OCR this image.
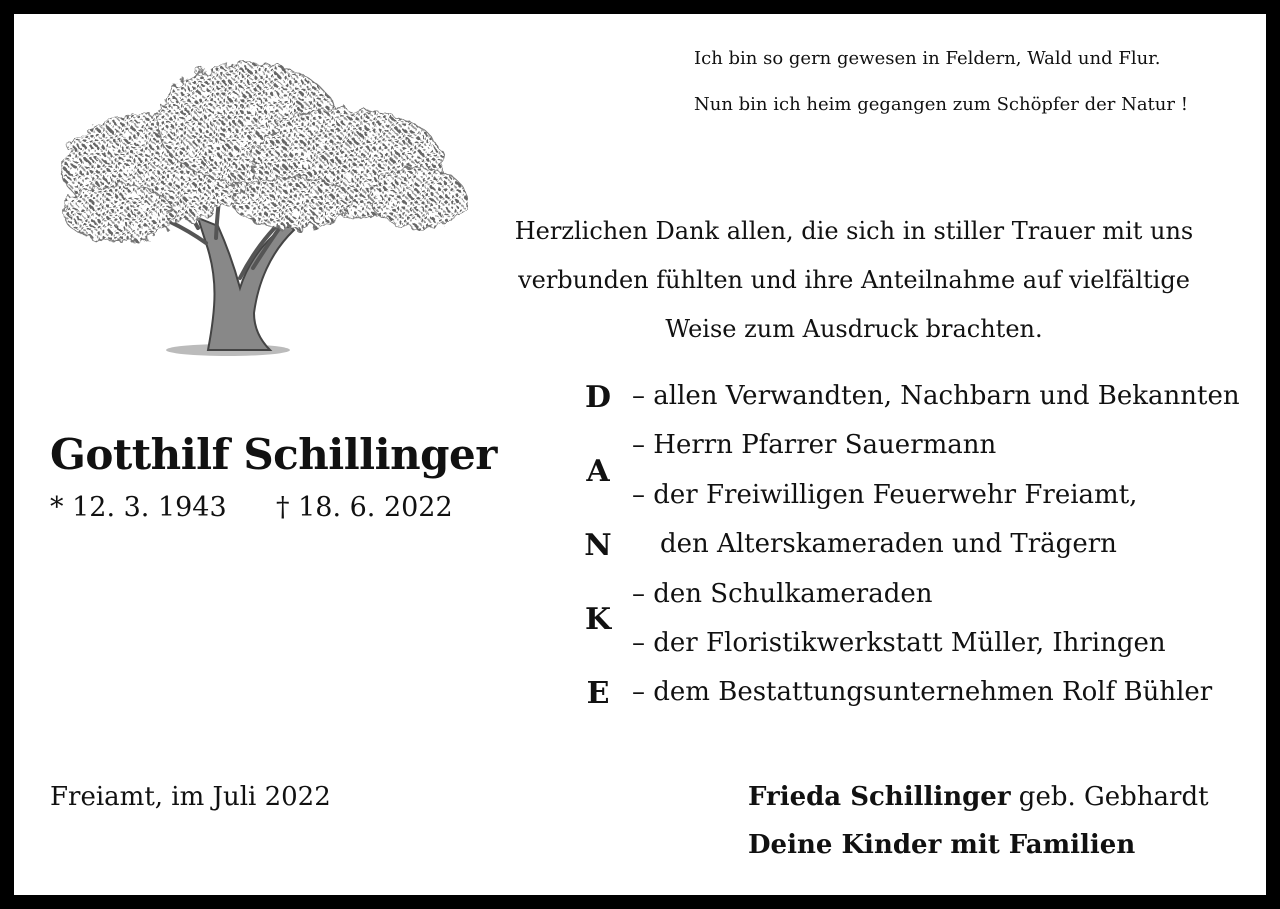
Ich bin so gern gewesen in Feldern, Wald und Flur.
Nun bin ich heim gegangen zum Schöpfer der Natur !
Herzlichen Dank allen, die sich in stiller Trauer mit uns
verbunden fühlten und ihre Anteilnahme auf vielfältige
Weise zum Ausdruck brachten.
Gotthilf Schillinger
* 12. 3. 1943 † 18. 6. 2022
D
A
N
K
E
– allen Verwandten, Nachbarn und Bekannten
– Herrn Pfarrer Sauermann
– der Freiwilligen Feuerwehr Freiamt,
den Alterskameraden und Trägern
– den Schulkameraden
– der Floristikwerkstatt Müller, Ihringen
– dem Bestattungsunternehmen Rolf Bühler
Freiamt, im Juli 2022	Frieda Schillinger geb. Gebhardt
Deine Kinder mit Familien
